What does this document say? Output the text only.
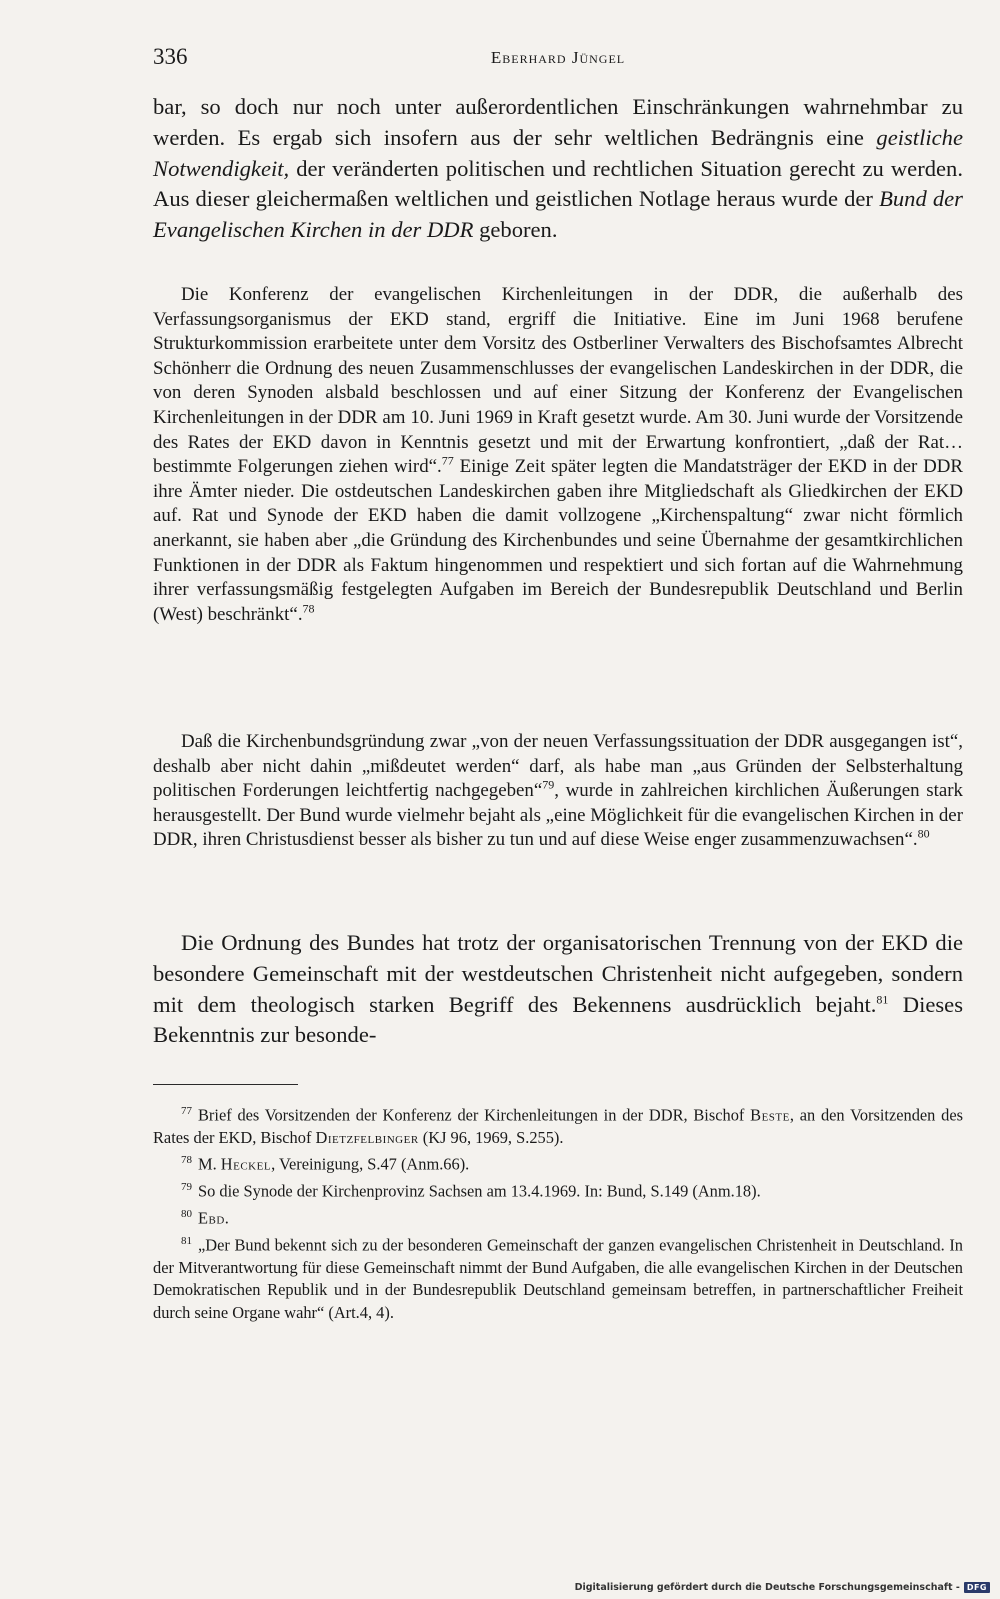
336	Eberhard Jüngel

bar, so doch nur noch unter außerordentlichen Einschränkungen wahrnehmbar zu werden. Es ergab sich insofern aus der sehr weltlichen Bedrängnis eine geistliche Notwendigkeit, der veränderten politischen und rechtlichen Situation gerecht zu werden. Aus dieser gleichermaßen weltlichen und geistlichen Notlage heraus wurde der Bund der Evangelischen Kirchen in der DDR geboren.

Die Konferenz der evangelischen Kirchenleitungen in der DDR, die außerhalb des Verfassungsorganismus der EKD stand, ergriff die Initiative. Eine im Juni 1968 berufene Strukturkommission erarbeitete unter dem Vorsitz des Ostberliner Verwalters des Bischofsamtes Albrecht Schönherr die Ordnung des neuen Zusammenschlusses der evangelischen Landeskirchen in der DDR, die von deren Synoden alsbald beschlossen und auf einer Sitzung der Konferenz der Evangelischen Kirchenleitungen in der DDR am 10. Juni 1969 in Kraft gesetzt wurde. Am 30. Juni wurde der Vorsitzende des Rates der EKD davon in Kenntnis gesetzt und mit der Erwartung konfrontiert, „daß der Rat… bestimmte Folgerungen ziehen wird“.$^{77}$ Einige Zeit später legten die Mandatsträger der EKD in der DDR ihre Ämter nieder. Die ostdeutschen Landeskirchen gaben ihre Mitgliedschaft als Gliedkirchen der EKD auf. Rat und Synode der EKD haben die damit vollzogene „Kirchenspaltung“ zwar nicht förmlich anerkannt, sie haben aber „die Gründung des Kirchenbundes und seine Übernahme der gesamtkirchlichen Funktionen in der DDR als Faktum hingenommen und respektiert und sich fortan auf die Wahrnehmung ihrer verfassungsmäßig festgelegten Aufgaben im Bereich der Bundesrepublik Deutschland und Berlin (West) beschränkt“.$^{78}$

Daß die Kirchenbundsgründung zwar „von der neuen Verfassungssituation der DDR ausgegangen ist“, deshalb aber nicht dahin „mißdeutet werden“ darf, als habe man „aus Gründen der Selbsterhaltung politischen Forderungen leichtfertig nachgegeben“$^{79}$, wurde in zahlreichen kirchlichen Äußerungen stark herausgestellt. Der Bund wurde vielmehr bejaht als „eine Möglichkeit für die evangelischen Kirchen in der DDR, ihren Christusdienst besser als bisher zu tun und auf diese Weise enger zusammenzuwachsen“.$^{80}$

Die Ordnung des Bundes hat trotz der organisatorischen Trennung von der EKD die besondere Gemeinschaft mit der westdeutschen Christenheit nicht aufgegeben, sondern mit dem theologisch starken Begriff des Bekennens ausdrücklich bejaht.$^{81}$ Dieses Bekenntnis zur besonde-

$^{77}$ Brief des Vorsitzenden der Konferenz der Kirchenleitungen in der DDR, Bischof Beste, an den Vorsitzenden des Rates der EKD, Bischof Dietzfelbinger (KJ 96, 1969, S.255).

$^{78}$ M. Heckel, Vereinigung, S.47 (Anm.66).

$^{79}$ So die Synode der Kirchenprovinz Sachsen am 13.4.1969. In: Bund, S.149 (Anm.18).

$^{80}$ Ebd.

$^{81}$ „Der Bund bekennt sich zu der besonderen Gemeinschaft der ganzen evangelischen Christenheit in Deutschland. In der Mitverantwortung für diese Gemeinschaft nimmt der Bund Aufgaben, die alle evangelischen Kirchen in der Deutschen Demokratischen Republik und in der Bundesrepublik Deutschland gemeinsam betreffen, in partnerschaftlicher Freiheit durch seine Organe wahr“ (Art.4, 4).

Digitalisierung gefördert durch die Deutsche Forschungsgemeinschaft - DFG
